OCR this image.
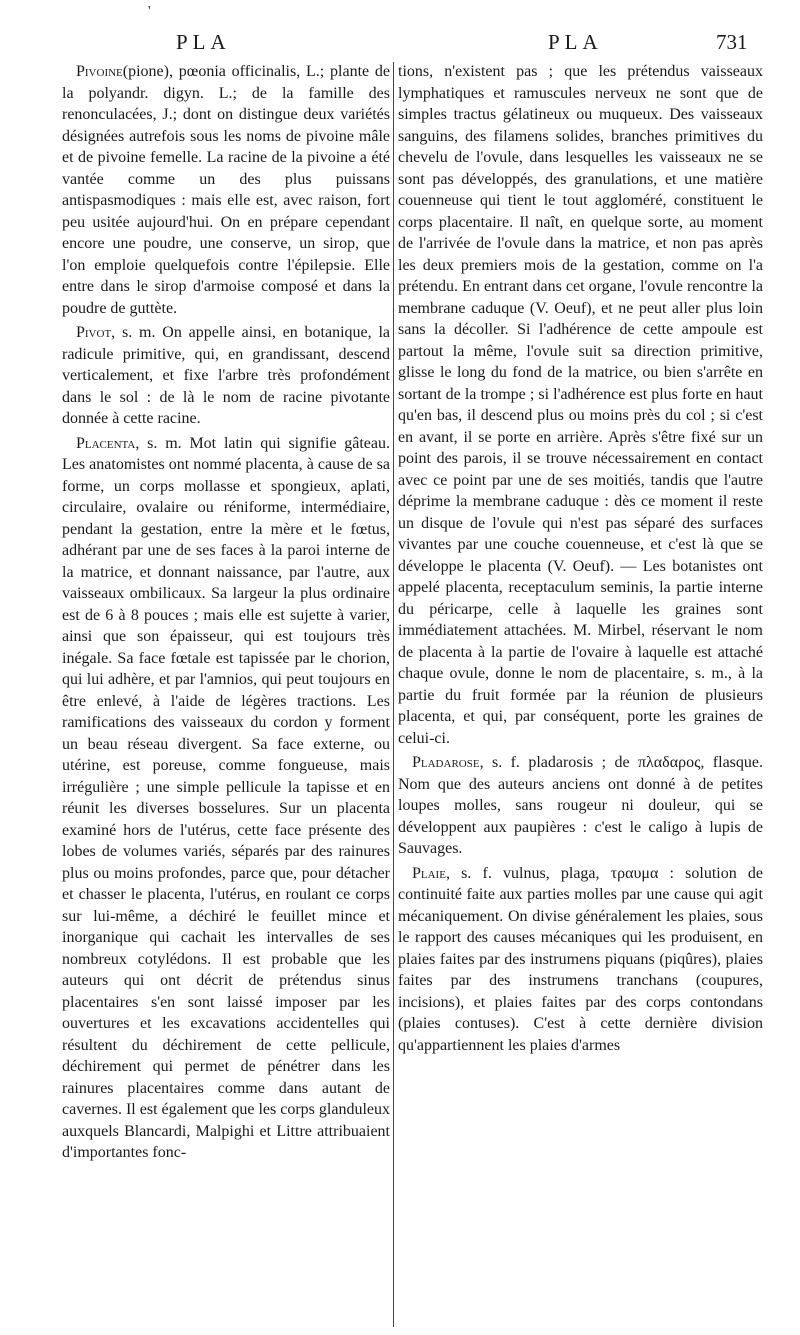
'
PLA	PLA	731

Pivoine(pione), pœonia officinalis, L.; plante de la polyandr. digyn. L.; de la famille des renonculacées, J.; dont on distingue deux variétés désignées autrefois sous les noms de pivoine mâle et de pivoine femelle. La racine de la pivoine a été vantée comme un des plus puissans antispasmodiques : mais elle est, avec raison, fort peu usitée aujourd'hui. On en prépare cependant encore une poudre, une conserve, un sirop, que l'on emploie quelquefois contre l'épilepsie. Elle entre dans le sirop d'armoise composé et dans la poudre de guttète.

Pivot, s. m. On appelle ainsi, en botanique, la radicule primitive, qui, en grandissant, descend verticalement, et fixe l'arbre très profondément dans le sol : de là le nom de racine pivotante donnée à cette racine.

Placenta, s. m. Mot latin qui signifie gâteau. Les anatomistes ont nommé placenta, à cause de sa forme, un corps mollasse et spongieux, aplati, circulaire, ovalaire ou réniforme, intermédiaire, pendant la gestation, entre la mère et le fœtus, adhérant par une de ses faces à la paroi interne de la matrice, et donnant naissance, par l'autre, aux vaisseaux ombilicaux. Sa largeur la plus ordinaire est de 6 à 8 pouces ; mais elle est sujette à varier, ainsi que son épaisseur, qui est toujours très inégale. Sa face fœtale est tapissée par le chorion, qui lui adhère, et par l'amnios, qui peut toujours en être enlevé, à l'aide de légères tractions. Les ramifications des vaisseaux du cordon y forment un beau réseau divergent. Sa face externe, ou utérine, est poreuse, comme fongueuse, mais irrégulière ; une simple pellicule la tapisse et en réunit les diverses bosselures. Sur un placenta examiné hors de l'utérus, cette face présente des lobes de volumes variés, séparés par des rainures plus ou moins profondes, parce que, pour détacher et chasser le placenta, l'utérus, en roulant ce corps sur lui-même, a déchiré le feuillet mince et inorganique qui cachait les intervalles de ses nombreux cotylédons. Il est probable que les auteurs qui ont décrit de prétendus sinus placentaires s'en sont laissé imposer par les ouvertures et les excavations accidentelles qui résultent du déchirement de cette pellicule, déchirement qui permet de pénétrer dans les rainures placentaires comme dans autant de cavernes. Il est également que les corps glanduleux auxquels Blancardi, Malpighi et Littre attribuaient d'importantes fonc-

tions, n'existent pas ; que les prétendus vaisseaux lymphatiques et ramuscules nerveux ne sont que de simples tractus gélatineux ou muqueux. Des vaisseaux sanguins, des filamens solides, branches primitives du chevelu de l'ovule, dans lesquelles les vaisseaux ne se sont pas développés, des granulations, et une matière couenneuse qui tient le tout aggloméré, constituent le corps placentaire. Il naît, en quelque sorte, au moment de l'arrivée de l'ovule dans la matrice, et non pas après les deux premiers mois de la gestation, comme on l'a prétendu. En entrant dans cet organe, l'ovule rencontre la membrane caduque (V. Oeuf), et ne peut aller plus loin sans la décoller. Si l'adhérence de cette ampoule est partout la même, l'ovule suit sa direction primitive, glisse le long du fond de la matrice, ou bien s'arrête en sortant de la trompe ; si l'adhérence est plus forte en haut qu'en bas, il descend plus ou moins près du col ; si c'est en avant, il se porte en arrière. Après s'être fixé sur un point des parois, il se trouve nécessairement en contact avec ce point par une de ses moitiés, tandis que l'autre déprime la membrane caduque : dès ce moment il reste un disque de l'ovule qui n'est pas séparé des surfaces vivantes par une couche couenneuse, et c'est là que se développe le placenta (V. Oeuf). — Les botanistes ont appelé placenta, receptaculum seminis, la partie interne du péricarpe, celle à laquelle les graines sont immédiatement attachées. M. Mirbel, réservant le nom de placenta à la partie de l'ovaire à laquelle est attaché chaque ovule, donne le nom de placentaire, s. m., à la partie du fruit formée par la réunion de plusieurs placenta, et qui, par conséquent, porte les graines de celui-ci.

Pladarose, s. f. pladarosis ; de πλαδαρος, flasque. Nom que des auteurs anciens ont donné à de petites loupes molles, sans rougeur ni douleur, qui se développent aux paupières : c'est le caligo à lupis de Sauvages.

Plaie, s. f. vulnus, plaga, τραυμα : solution de continuité faite aux parties molles par une cause qui agit mécaniquement. On divise généralement les plaies, sous le rapport des causes mécaniques qui les produisent, en plaies faites par des instrumens piquans (piqûres), plaies faites par des instrumens tranchans (coupures, incisions), et plaies faites par des corps contondans (plaies contuses). C'est à cette dernière division qu'appartiennent les plaies d'armes
